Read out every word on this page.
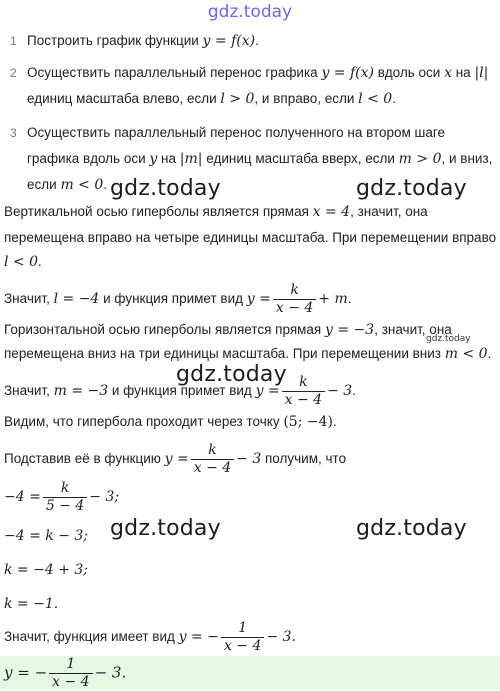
gdz.today
1 Построить график функции y = f(x).
2 Осуществить параллельный перенос графика y = f(x) вдоль оси x на |l|
единиц масштаба влево, если l > 0, и вправо, если l < 0.
3 Осуществить параллельный перенос полученного на втором шаге
графика вдоль оси y на |m| единиц масштаба вверх, если m > 0, и вниз,
если m < 0. gdz.today	gdz.today
Вертикальной осью гиперболы является прямая x = 4, значит, она
перемещена вправо на четыре единицы масштаба. При перемещении вправо
l < 0.
Значит, l = −4 и функция примет вид $y = \frac{k}{x - 4} + m$.
Горизонтальной осью гиперболы является прямая y = −3, значит, она
gdz.today
перемещена вниз на три единицы масштаба. При перемещении вниз m < 0.
gdz.today
Значит, m = −3 и функция примет вид $y = \frac{k}{x - 4} - 3$.
Видим, что гипербола проходит через точку (5; −4).
Подставив её в функцию $y = \frac{k}{x - 4} - 3$ получим, что
$-4 = \frac{k}{5 - 4} - 3$;
gdz.today	gdz.today
−4 = k − 3;
k = −4 + 3;
k = −1.
Значит, функция имеет вид y = − $\frac{1}{x - 4} - 3$.
y = − $\frac{1}{x - 4} - 3$.
